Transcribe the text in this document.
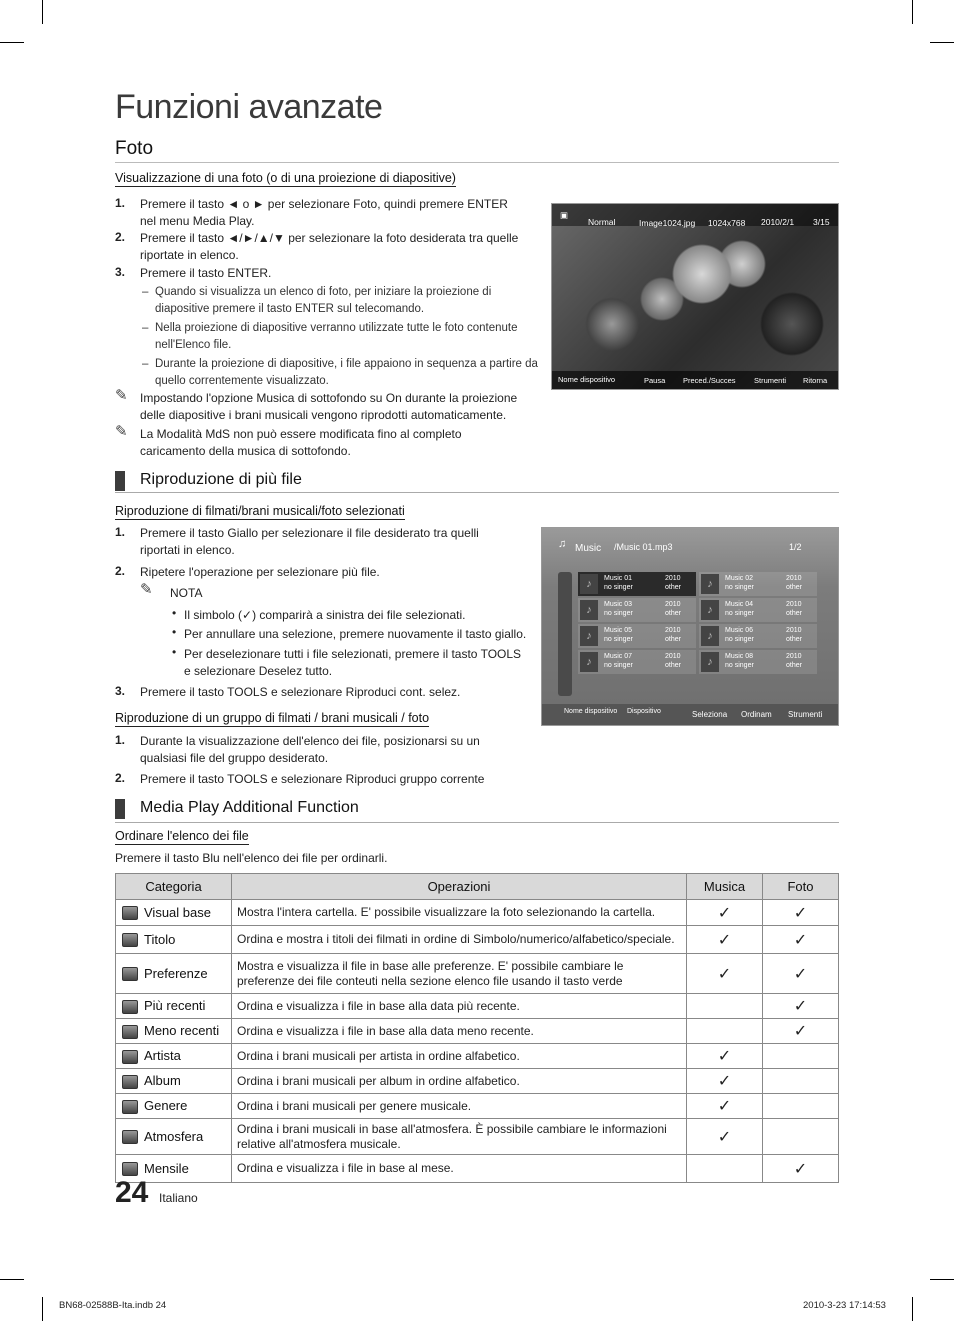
Funzioni avanzate
Foto
Visualizzazione di una foto (o di una proiezione di diapositive)
1. Premere il tasto ◄ o ► per selezionare Foto, quindi premere ENTER nel menu Media Play.
2. Premere il tasto ◄/►/▲/▼ per selezionare la foto desiderata tra quelle riportate in elenco.
3. Premere il tasto ENTER.
– Quando si visualizza un elenco di foto, per iniziare la proiezione di diapositive premere il tasto ENTER sul telecomando.
– Nella proiezione di diapositive verranno utilizzate tutte le foto contenute nell'Elenco file.
– Durante la proiezione di diapositive, i file appaiono in sequenza a partire da quello correntemente visualizzato.
✎ Impostando l'opzione Musica di sottofondo su On durante la proiezione delle diapositive i brani musicali vengono riprodotti automaticamente.
✎ La Modalità MdS non può essere modificata fino al completo caricamento della musica di sottofondo.
▣
Normal	Image1024.jpg 1024x768 2010/2/1 3/15
Nome dispositivo	Pausa Preced./Succes Strumenti Ritorna
Riproduzione di più file
Riproduzione di filmati/brani musicali/foto selezionati
1. Premere il tasto Giallo per selezionare il file desiderato tra quelli riportati in elenco.
2. Ripetere l'operazione per selezionare più file.
✎ NOTA
• Il simbolo (✓) comparirà a sinistra dei file selezionati.
• Per annullare una selezione, premere nuovamente il tasto giallo.
• Per deselezionare tutti i file selezionati, premere il tasto TOOLS e selezionare Deselez tutto.
3. Premere il tasto TOOLS e selezionare Riproduci cont. selez.
Riproduzione di un gruppo di filmati / brani musicali / foto
1. Durante la visualizzazione dell'elenco dei file, posizionarsi su un qualsiasi file del gruppo desiderato.
2. Premere il tasto TOOLS e selezionare Riproduci gruppo corrente
♫ Music /Music 01.mp3	1/2
♪	Music 01
no singer
2010
other	♪	Music 02
no singer
2010
other
♪	Music 03
no singer
2010
other	♪	Music 04
no singer
2010
other
♪	Music 05
no singer
2010
other	♪	Music 06
no singer
2010
other
♪	Music 07
no singer
2010
other	♪	Music 08
no singer
2010
other
Nome dispositivo Dispositivo	Seleziona Ordinam Strumenti
Media Play Additional Function
Ordinare l'elenco dei file
Premere il tasto Blu nell'elenco dei file per ordinarli.
Categoria	Operazioni	Musica	Foto
Visual base	Mostra l'intera cartella. E' possibile visualizzare la foto selezionando la cartella.	✓	✓
Titolo	Ordina e mostra i titoli dei filmati in ordine di Simbolo/numerico/alfabetico/speciale.	✓	✓
Preferenze	Mostra e visualizza il file in base alle preferenze. E' possibile cambiare le preferenze dei file conteuti nella sezione elenco file usando il tasto verde	✓	✓
Più recenti	Ordina e visualizza i file in base alla data più recente.		✓
Meno recenti	Ordina e visualizza i file in base alla data meno recente.		✓
Artista	Ordina i brani musicali per artista in ordine alfabetico.	✓	
Album	Ordina i brani musicali per album in ordine alfabetico.	✓	
Genere	Ordina i brani musicali per genere musicale.	✓	
Atmosfera	Ordina i brani musicali in base all'atmosfera. È possibile cambiare le informazioni relative all'atmosfera musicale.	✓	
Mensile	Ordina e visualizza i file in base al mese.		✓
24 Italiano
BN68-02588B-Ita.indb 24	2010-3-23 17:14:53
